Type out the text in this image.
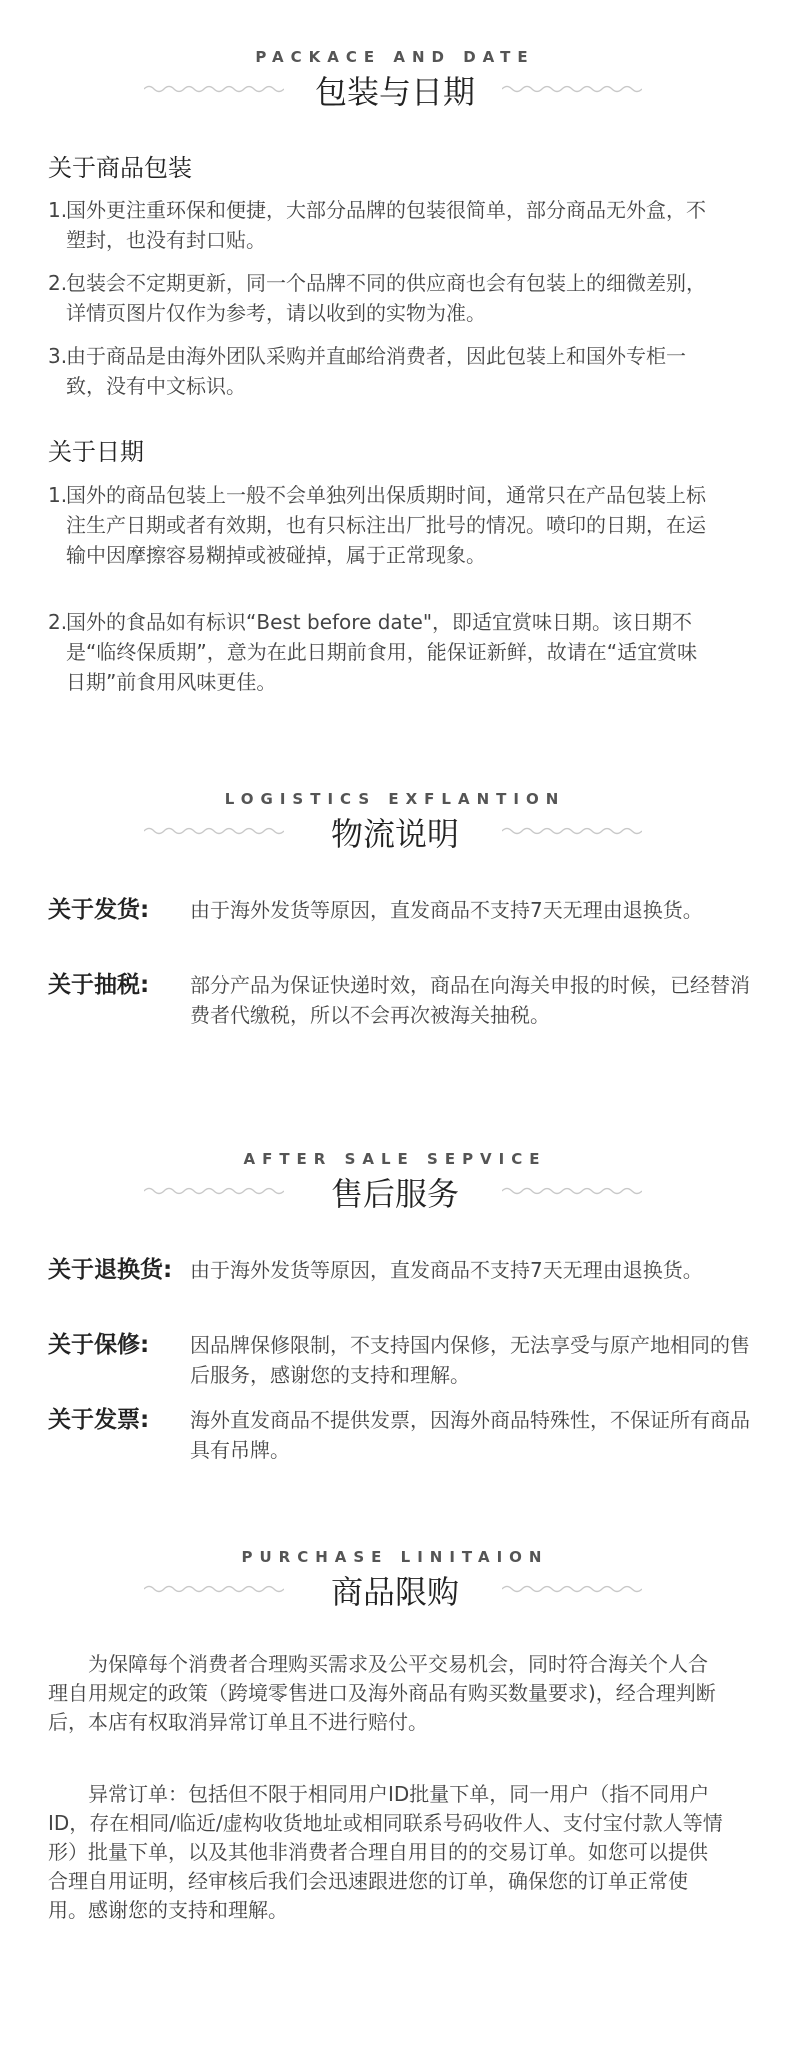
PACKACE AND DATE
包装与日期
关于商品包装
1.
国外更注重环保和便捷，大部分品牌的包装很简单，部分商品无外盒，不塑封，也没有封口贴。
2.
包装会不定期更新，同一个品牌不同的供应商也会有包装上的细微差别，详情页图片仅作为参考，请以收到的实物为准。
3.
由于商品是由海外团队采购并直邮给消费者，因此包装上和国外专柜一致，没有中文标识。
关于日期
1.
国外的商品包装上一般不会单独列出保质期时间，通常只在产品包装上标注生产日期或者有效期，也有只标注出厂批号的情况。喷印的日期，在运输中因摩擦容易糊掉或被碰掉，属于正常现象。
2.
国外的食品如有标识“Best before date"，即适宜赏味日期。该日期不是“临终保质期”，意为在此日期前食用，能保证新鲜，故请在“适宜赏味日期”前食用风味更佳。
LOGISTICS EXFLANTION
物流说明
关于发货: 由于海外发货等原因，直发商品不支持7天无理由退换货。
关于抽税: 部分产品为保证快递时效，商品在向海关申报的时候，已经替消费者代缴税，所以不会再次被海关抽税。
AFTER SALE SEPVICE
售后服务
关于退换货: 由于海外发货等原因，直发商品不支持7天无理由退换货。
关于保修: 因品牌保修限制，不支持国内保修，无法享受与原产地相同的售后服务，感谢您的支持和理解。
关于发票: 海外直发商品不提供发票，因海外商品特殊性，不保证所有商品具有吊牌。
PURCHASE LINITAION
商品限购
为保障每个消费者合理购买需求及公平交易机会，同时符合海关个人合理自用规定的政策（跨境零售进口及海外商品有购买数量要求)，经合理判断后，本店有权取消异常订单且不进行赔付。
异常订单：包括但不限于相同用户ID批量下单，同一用户（指不同用户ID，存在相同/临近/虚构收货地址或相同联系号码收件人、支付宝付款人等情形）批量下单，以及其他非消费者合理自用目的的交易订单。如您可以提供合理自用证明，经审核后我们会迅速跟进您的订单，确保您的订单正常使用。感谢您的支持和理解。
